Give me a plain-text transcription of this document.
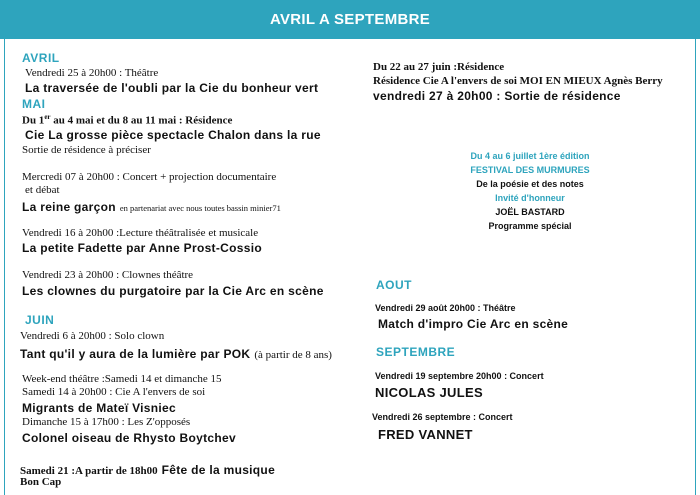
AVRIL A SEPTEMBRE
AVRIL
Vendredi 25 à 20h00 : Théâtre
La traversée de l'oubli par la Cie du bonheur vert
MAI
Du 1er au 4 mai et du 8 au 11 mai : Résidence
Cie La grosse pièce spectacle Chalon dans la rue
Sortie de résidence à préciser
Mercredi 07 à 20h00 : Concert + projection documentaire
et débat
La reine garçon en partenariat avec nous toutes bassin minier71
Vendredi 16 à 20h00 :Lecture théâtralisée et musicale
La petite Fadette par Anne Prost-Cossio
Vendredi 23 à 20h00 : Clownes théâtre
Les clownes du purgatoire par la Cie Arc en scène
JUIN
Vendredi 6 à 20h00 : Solo clown
Tant qu'il y aura de la lumière par POK (à partir de 8 ans)
Week-end théâtre :Samedi 14 et dimanche 15
Samedi 14 à 20h00 : Cie A l'envers de soi
Migrants de Mateï Visniec
Dimanche 15 à 17h00 : Les Z'opposés
Colonel oiseau de Rhysto Boytchev
Samedi 21 :A partir de 18h00 Fête de la musique
Bon Cap
Du 22 au 27 juin :Résidence
Résidence Cie A l'envers de soi MOI EN MIEUX Agnès Berry
vendredi 27 à 20h00 : Sortie de résidence
Du 4 au 6 juillet 1ère édition
FESTIVAL DES MURMURES
De la poésie et des notes
Invité d'honneur
JOËL BASTARD
Programme spécial
AOUT
Vendredi 29 août 20h00 : Théâtre
Match d'impro Cie Arc en scène
SEPTEMBRE
Vendredi 19 septembre 20h00 : Concert
NICOLAS JULES
Vendredi 26 septembre : Concert
FRED VANNET
